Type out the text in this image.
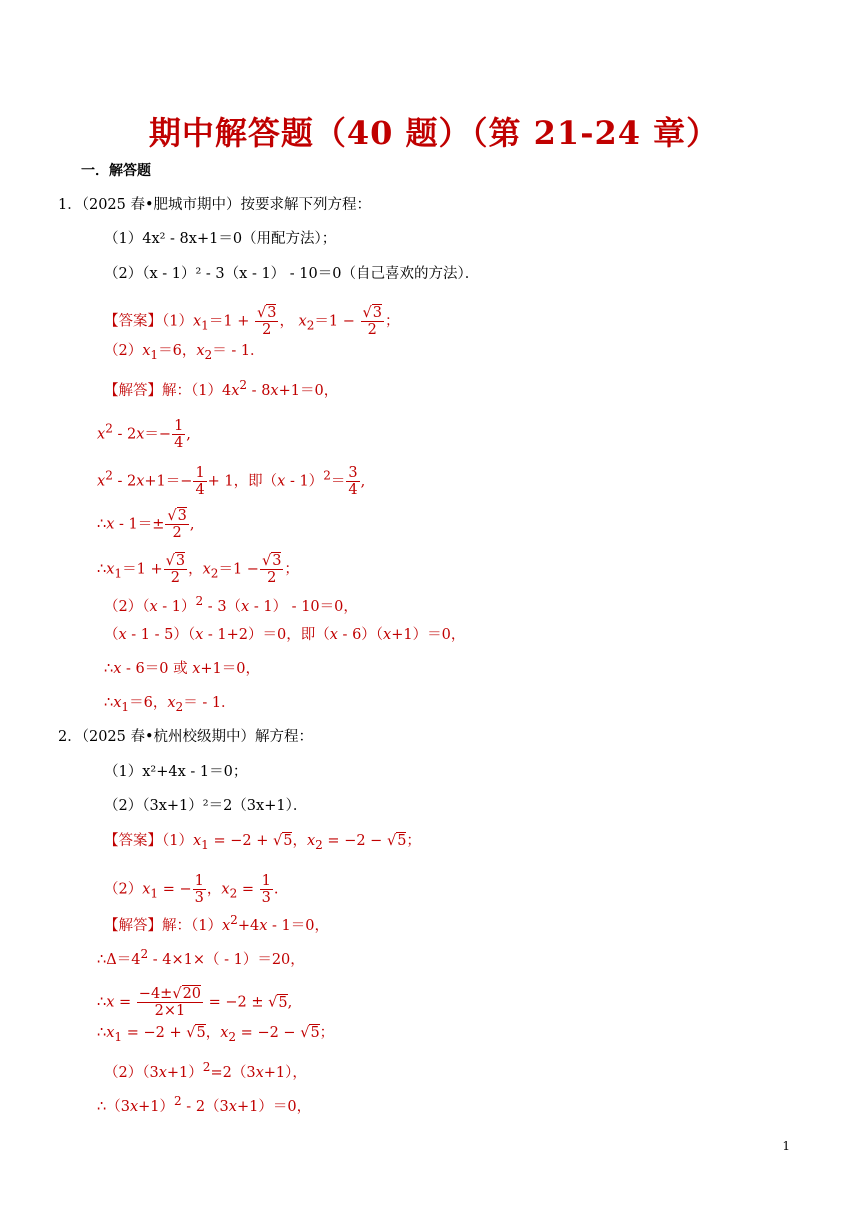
期中解答题（40 题）（第 21-24 章）
一．解答题
1．（2025 春•肥城市期中）按要求解下列方程：
（1）4x² - 8x+1＝0（用配方法）；
（2）（x - 1）² - 3（x - 1） - 10＝0（自己喜欢的方法）．
【答案】$(1)x_1=1 + \frac{√3}{2}$ ， $x_2=1 - \frac{√3}{2}$ ；
$(2)x_1=6$，$x_2= - 1$．
【解答】解：$(1)4x^2 - 8x+1=0$，
$x^2 - 2x=- \frac{1}{4}$ ,
$x^2 - 2x+1=- \frac{1}{4} + 1$，即$(x - 1)^2= \frac{3}{4}$ ,
∴x - $1=\pm \frac{√3}{2}$ ,
$\therefore x_1=1 + \frac{√3}{2}$ ，$x_2=1 - \frac{√3}{2}$ ；
（2）（x - 1）$^2$ - 3（x - 1） - 10＝0，
（x - 1 - 5）（x - 1+2）＝0，即（x - 6）（x+1）＝0，
∴x - 6＝0 或 x+1＝0，
$\therefore x_1=6$，$x_2= - 1$．
2．（2025 春•杭州校级期中）解方程：
（1）x²+4x - 1＝0；
（2）（3x+1）²＝2（3x+1）．
【答案】$(1)x_1 = -2 + √5$，$x_2 = -2 - √5$；
$(2)x_1$ = − $\frac{1}{3}$ ，$x_2 = \frac{1}{3}$ .
【解答】解：$(1)x^2+4x - 1=0$，
$\therefore\Delta=4^2 - 4\times 1\times( - 1)=20$，
∴x = $\frac{-4\pm√20}{2\times 1} = -2 \pm √5$,
$\therefore x_1 = -2 + √5$，$x_2 = -2 - √5$；
$(2)(3x+1)^2=2(3x+1)$，
$\therefore(3x+1)^2 - 2(3x+1)=0$，
1
